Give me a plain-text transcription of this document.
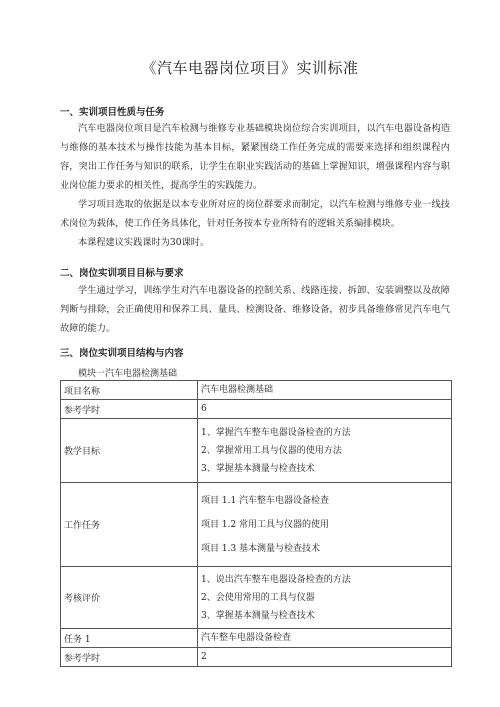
《汽车电器岗位项目》实训标准
一、实训项目性质与任务
汽车电器岗位项目是汽车检测与维修专业基础模块岗位综合实训项目，以汽车电器设备构造与维修的基本技术与操作技能为基本目标，紧紧围绕工作任务完成的需要来选择和组织课程内容，突出工作任务与知识的联系，让学生在职业实践活动的基础上掌握知识，增强课程内容与职业岗位能力要求的相关性，提高学生的实践能力。
学习项目选取的依据是以本专业所对应的岗位群要求而制定，以汽车检测与维修专业一线技术岗位为载体，使工作任务具体化，针对任务按本专业所特有的逻辑关系编排模块。
本课程建议实践课时为30课时。
二、岗位实训项目目标与要求
学生通过学习，训练学生对汽车电器设备的控制关系、线路连接、拆卸、安装调整以及故障判断与排除，会正确使用和保养工具、量具、检测设备、维修设备，初步具备维修常见汽车电气故障的能力。
三、岗位实训项目结构与内容
模块一汽车电器检测基础
项目名称	汽车电器检测基础

参考学时	6

教学目标	1、掌握汽车整车电器设备检查的方法
2、掌握常用工具与仪器的使用方法
3、掌握基本测量与检查技术

工作任务	项目 1.1 汽车整车电器设备检查
项目 1.2 常用工具与仪器的使用
项目 1.3 基本测量与检查技术

考核评价	1、说出汽车整车电器设备检查的方法
2、会使用常用的工具与仪器
3、掌握基本测量与检查技术

任务 1	汽车整车电器设备检查

参考学时	2
